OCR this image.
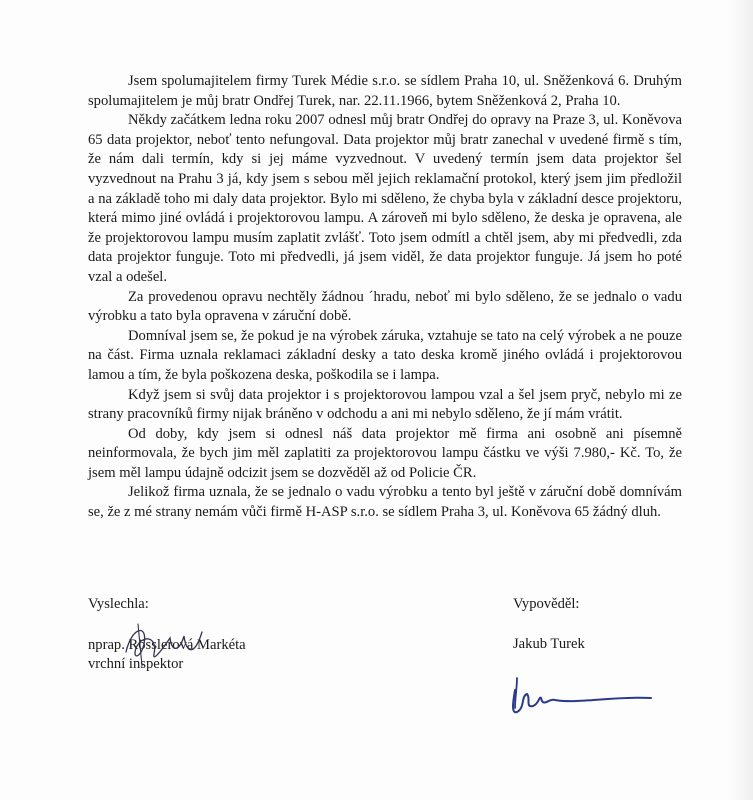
Jsem spolumajitelem firmy Turek Médie s.r.o. se sídlem Praha 10, ul. Sněženková 6. Druhým spolumajitelem je můj bratr Ondřej Turek, nar. 22.11.1966, bytem Sněženková 2, Praha 10.

Někdy začátkem ledna roku 2007 odnesl můj bratr Ondřej do opravy na Praze 3, ul. Koněvova 65 data projektor, neboť tento nefungoval. Data projektor můj bratr zanechal v uvedené firmě s tím, že nám dali termín, kdy si jej máme vyzvednout. V uvedený termín jsem data projektor šel vyzvednout na Prahu 3 já, kdy jsem s sebou měl jejich reklamační protokol, který jsem jim předložil a na základě toho mi daly data projektor. Bylo mi sděleno, že chyba byla v základní desce projektoru, která mimo jiné ovládá i projektorovou lampu. A zároveň mi bylo sděleno, že deska je opravena, ale že projektorovou lampu musím zaplatit zvlášť. Toto jsem odmítl a chtěl jsem, aby mi předvedli, zda data projektor funguje. Toto mi předvedli, já jsem viděl, že data projektor funguje. Já jsem ho poté vzal a odešel.

Za provedenou opravu nechtěly žádnou ´hradu, neboť mi bylo sděleno, že se jednalo o vadu výrobku a tato byla opravena v záruční době.

Domníval jsem se, že pokud je na výrobek záruka, vztahuje se tato na celý výrobek a ne pouze na část. Firma uznala reklamaci základní desky a tato deska kromě jiného ovládá i projektorovou lamou a tím, že byla poškozena deska, poškodila se i lampa.

Když jsem si svůj data projektor i s projektorovou lampou vzal a šel jsem pryč, nebylo mi ze strany pracovníků firmy nijak bráněno v odchodu a ani mi nebylo sděleno, že jí mám vrátit.

Od doby, kdy jsem si odnesl náš data projektor mě firma ani osobně ani písemně neinformovala, že bych jim měl zaplatiti za projektorovou lampu částku ve výši 7.980,- Kč. To, že jsem měl lampu údajně odcizit jsem se dozvěděl až od Policie ČR.

Jelikož firma uznala, že se jednalo o vadu výrobku a tento byl ještě v záruční době domnívám se, že z mé strany nemám vůči firmě H-ASP s.r.o. se sídlem Praha 3, ul. Koněvova 65 žádný dluh.

Vyslechla:
nprap. Rösslerová Markéta
vrchní inspektor
Vypověděl:
Jakub Turek
